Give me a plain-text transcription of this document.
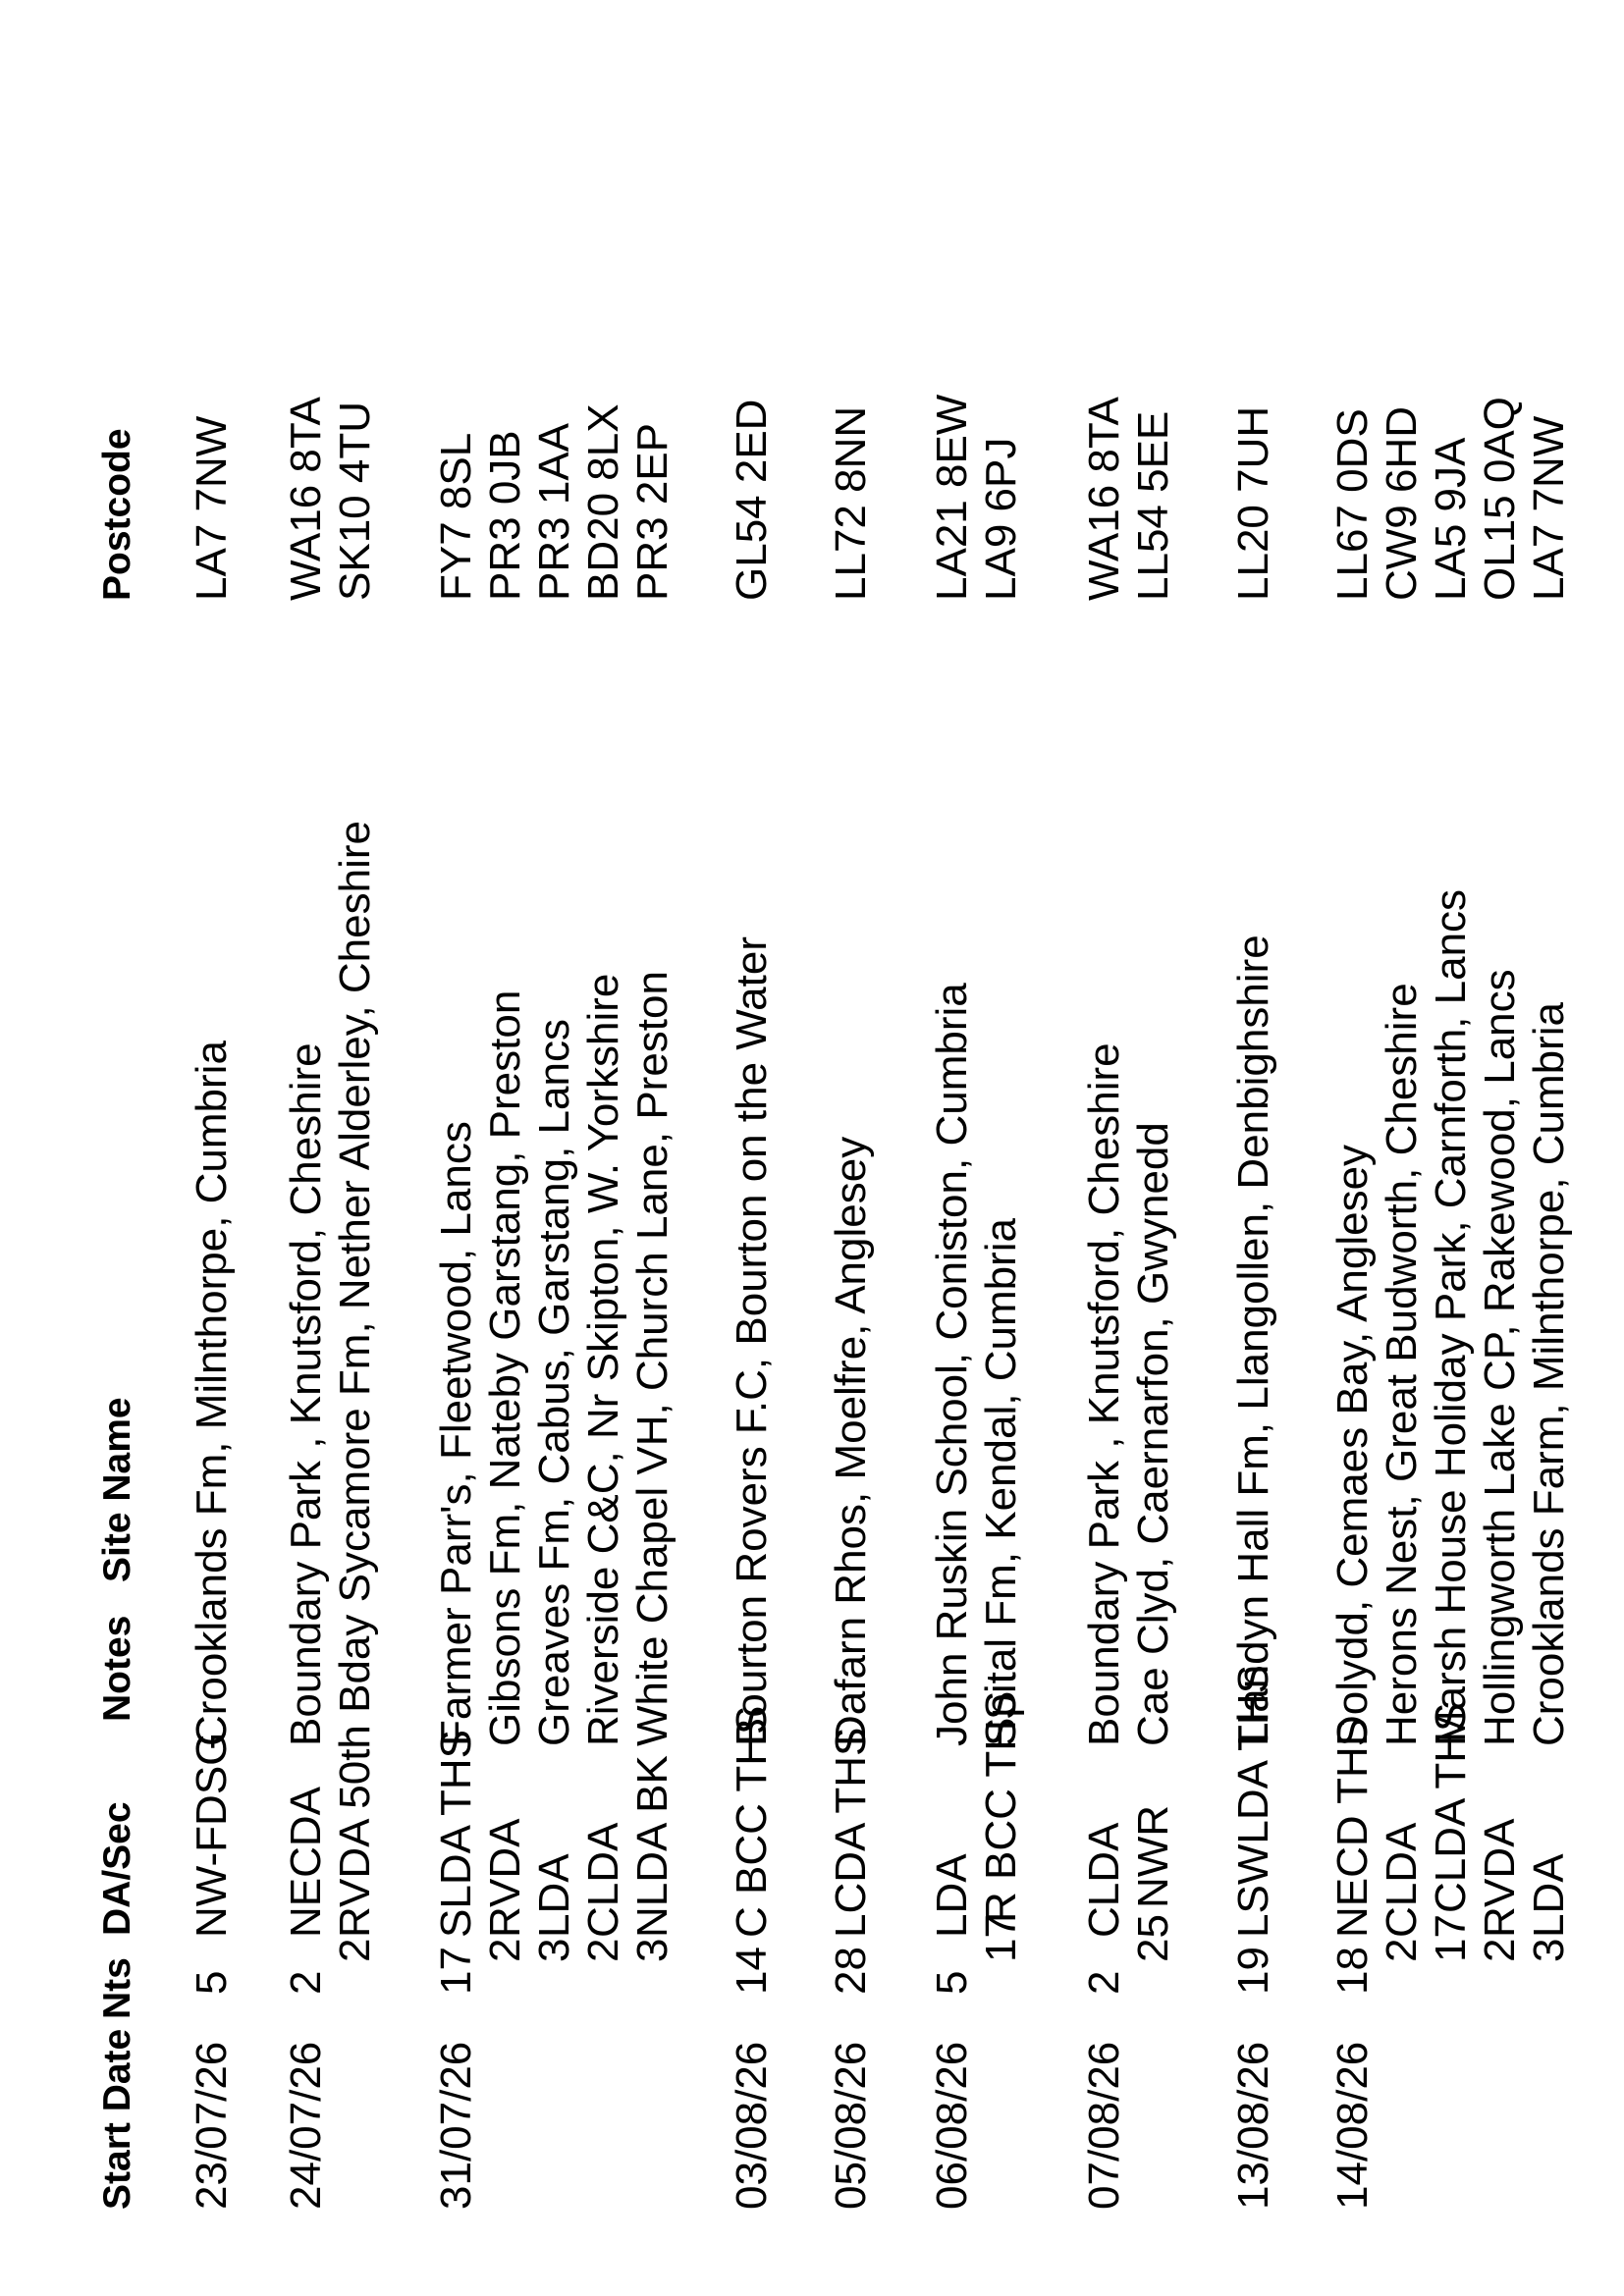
Start Date
Nts
DA/Sec
Notes
Site Name
Postcode
23/07/26
5
NW-FDSG
Crooklands Fm, Milnthorpe, Cumbria
LA7 7NW
24/07/26
2
NECDA
Boundary Park , Knutsford, Cheshire
WA16 8TA
2
RVDA 50th Bday Sycamore Fm, Nether Alderley, Cheshire
SK10 4TU
31/07/26
17
SLDA THS
Farmer Parr's, Fleetwood, Lancs
FY7 8SL
2
RVDA
Gibsons Fm, Nateby Garstang, Preston
PR3 0JB
3
LDA
Greaves Fm, Cabus, Garstang, Lancs
PR3 1AA
2
CLDA
Riverside C&C, Nr Skipton, W. Yorkshire
BD20 8LX
3
NLDA BK
White Chapel VH, Church Lane, Preston
PR3 2EP
03/08/26
14
C BCC THS
Bourton Rovers F.C, Bourton on the Water
GL54 2ED
05/08/26
28
LCDA THS
Dafarn Rhos, Moelfre, Anglesey
LL72 8NN
06/08/26
5
LDA
John Ruskin School, Coniston, Cumbria
LA21 8EW
17
R BCC THS
Spital Fm, Kendal, Cumbria
LA9 6PJ
07/08/26
2
CLDA
Boundary Park , Knutsford, Cheshire
WA16 8TA
25
NWR
Cae Clyd, Caernarfon, Gwynedd
LL54 5EE
13/08/26
19
LSWLDA THS
Llandyn Hall Fm, Llangollen, Denbighshire
LL20 7UH
14/08/26
18
NECD THS
Dolydd, Cemaes Bay, Anglesey
LL67 0DS
2
CLDA
Herons Nest, Great Budworth, Cheshire
CW9 6HD
17
CLDA THS
Marsh House Holiday Park, Carnforth, Lancs
LA5 9JA
2
RVDA
Hollingworth Lake CP, Rakewood, Lancs
OL15 0AQ
3
LDA
Crooklands Farm, Milnthorpe, Cumbria
LA7 7NW
